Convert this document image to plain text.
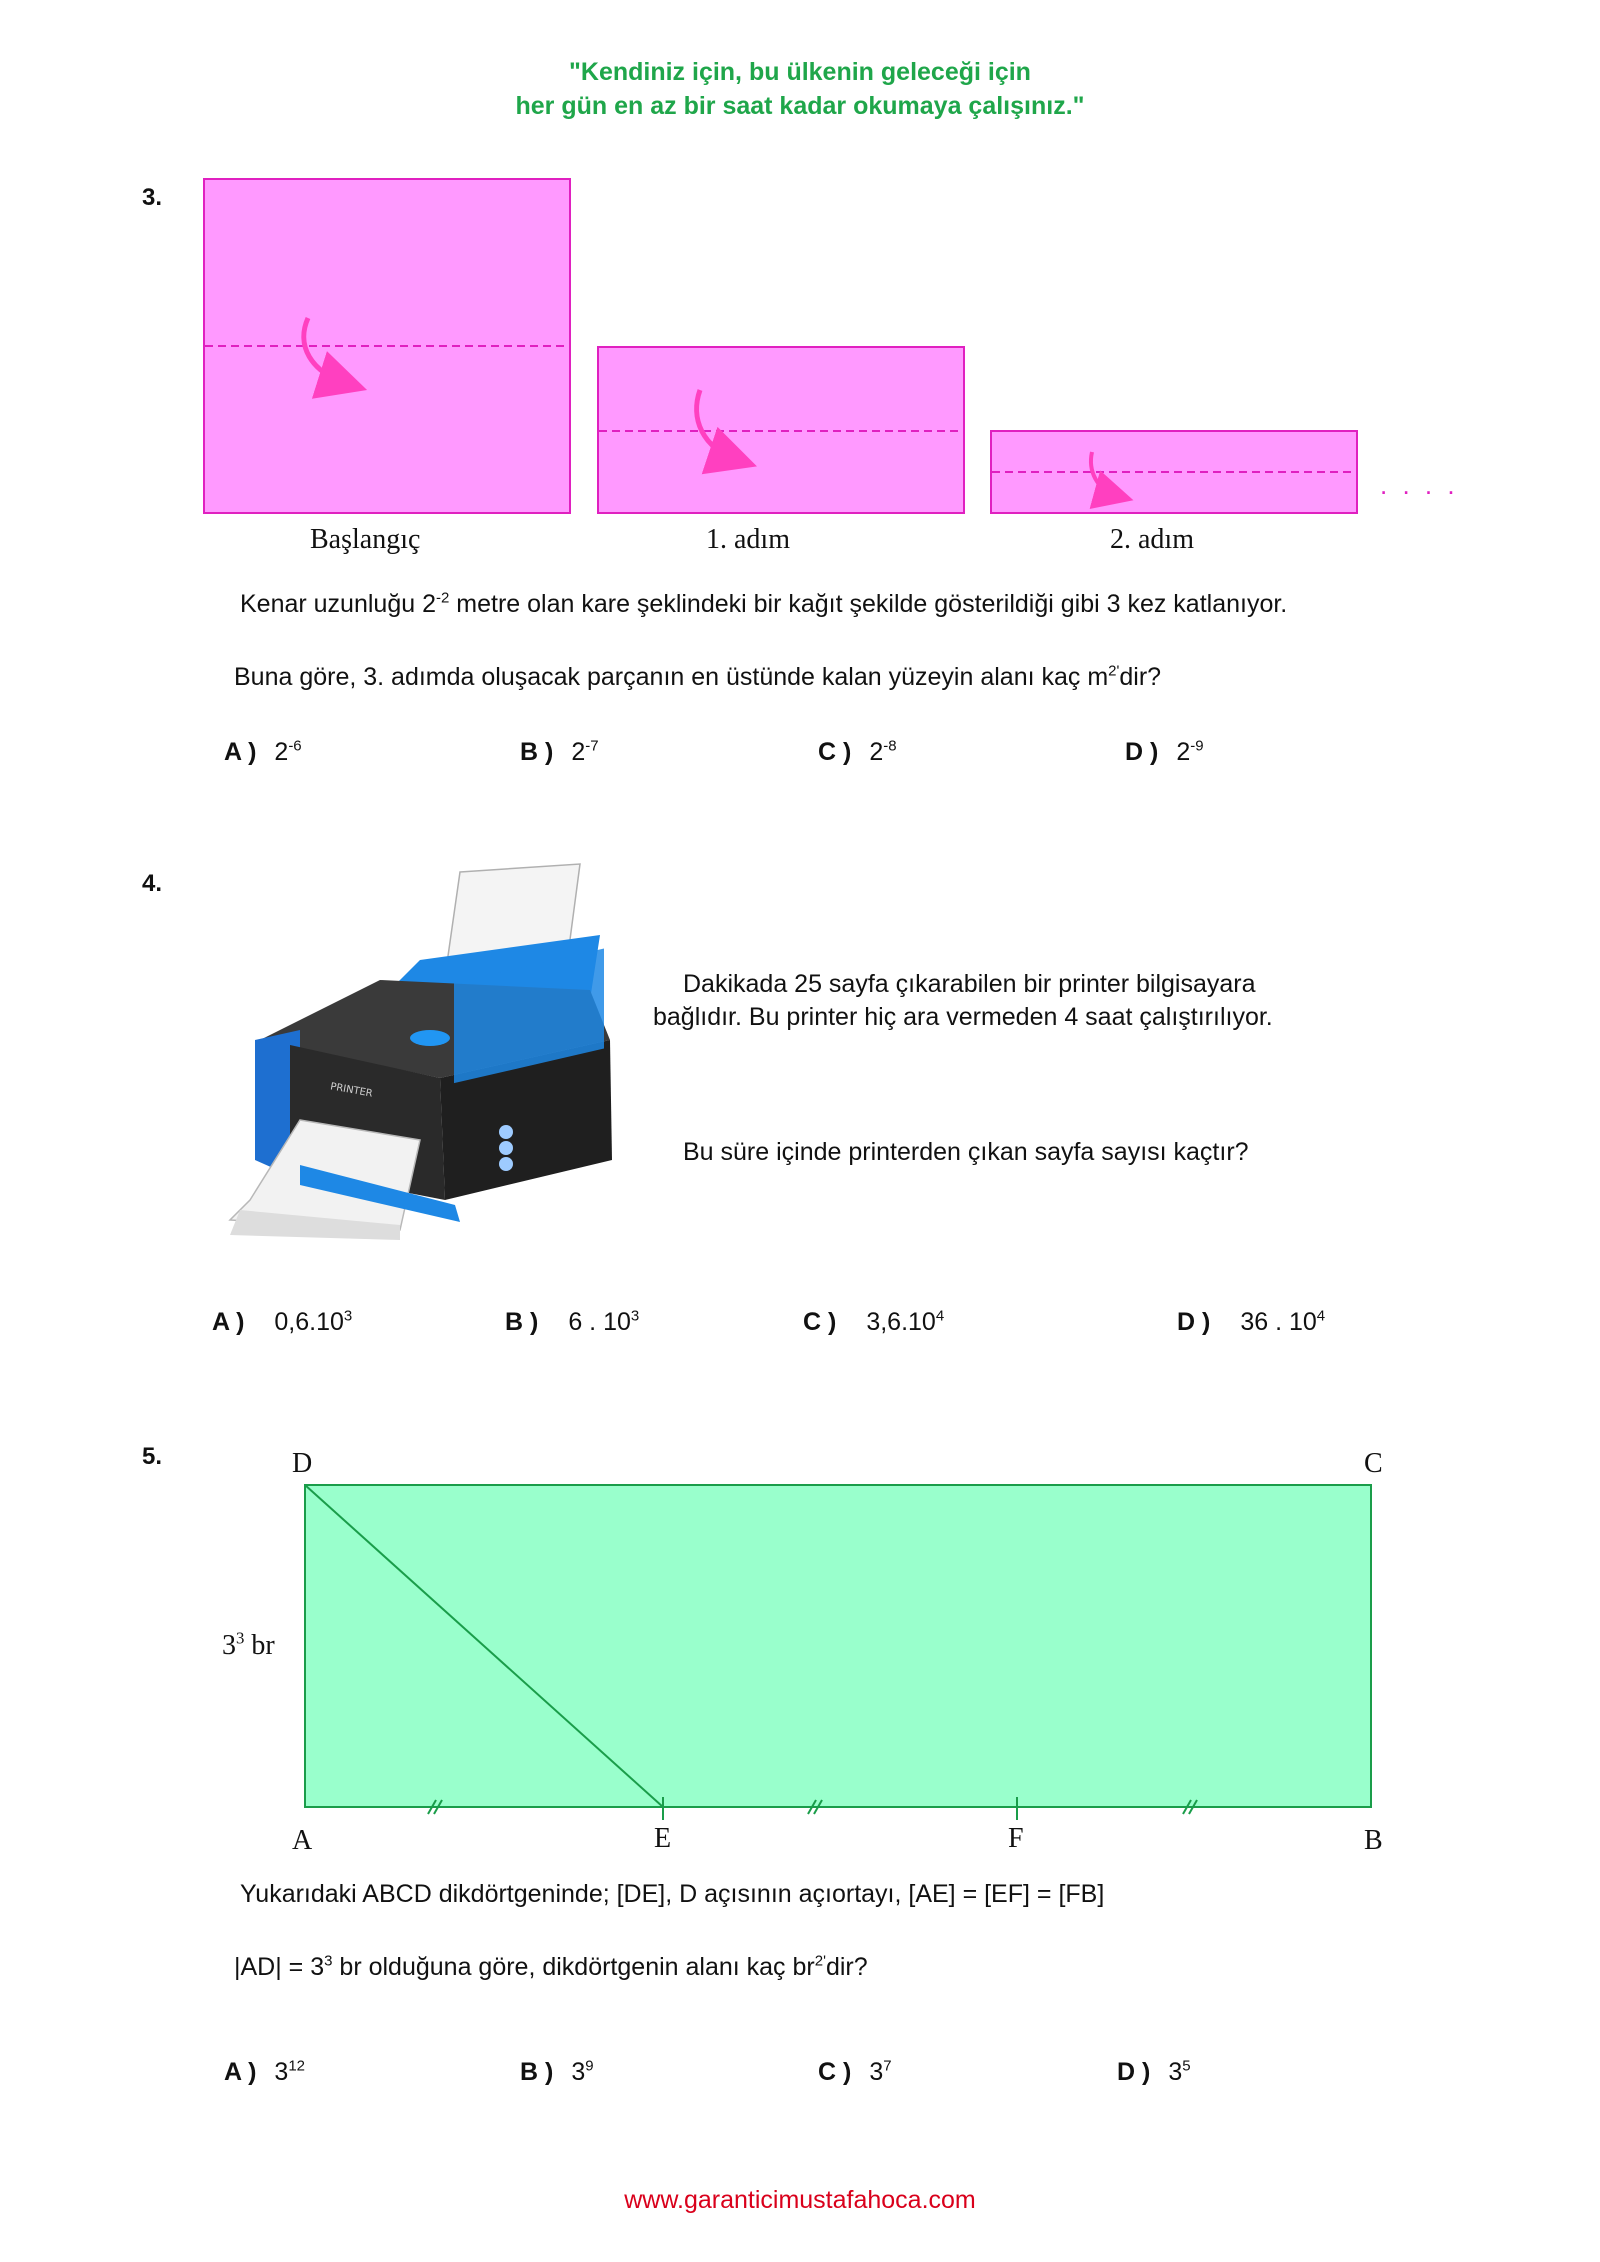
"Kendiniz için, bu ülkenin geleceği için
her gün en az bir saat kadar okumaya çalışınız."
3.
. . . .
Başlangıç	1. adım	2. adım
Kenar uzunluğu $2^{-2}$ metre olan kare şeklindeki bir kağıt şekilde gösterildiği gibi 3 kez katlanıyor.
Buna göre, 3. adımda oluşacak parçanın en üstünde kalan yüzeyin alanı kaç $m^{2'}dir$?
A ) $2^{-6}$	B ) $2^{-7}$	C ) $2^{-8}$	D ) $2^{-9}$
4.
PRINTER
Dakikada 25 sayfa çıkarabilen bir printer bilgisayara
bağlıdır. Bu printer hiç ara vermeden 4 saat çalıştırılıyor.
Bu süre içinde printerden çıkan sayfa sayısı kaçtır?
A ) 0,6.10$^3$	B ) 6 . $10^3$	C ) 3,6.10$^4$	D ) 36 . $10^4$
5.	D	C
A	E	F	B
$3^3$ br
Yukarıdaki ABCD dikdörtgeninde; [DE], D açısının açıortayı, [AE] = [EF] = [FB]
$|AD| = 3^3$ br olduğuna göre, dikdörtgenin alanı kaç $br^{2'}dir$?
A ) $3^{12}$	B ) $3^9$	C ) $3^7$	D ) $3^5$
www.garanticimustafahoca.com
